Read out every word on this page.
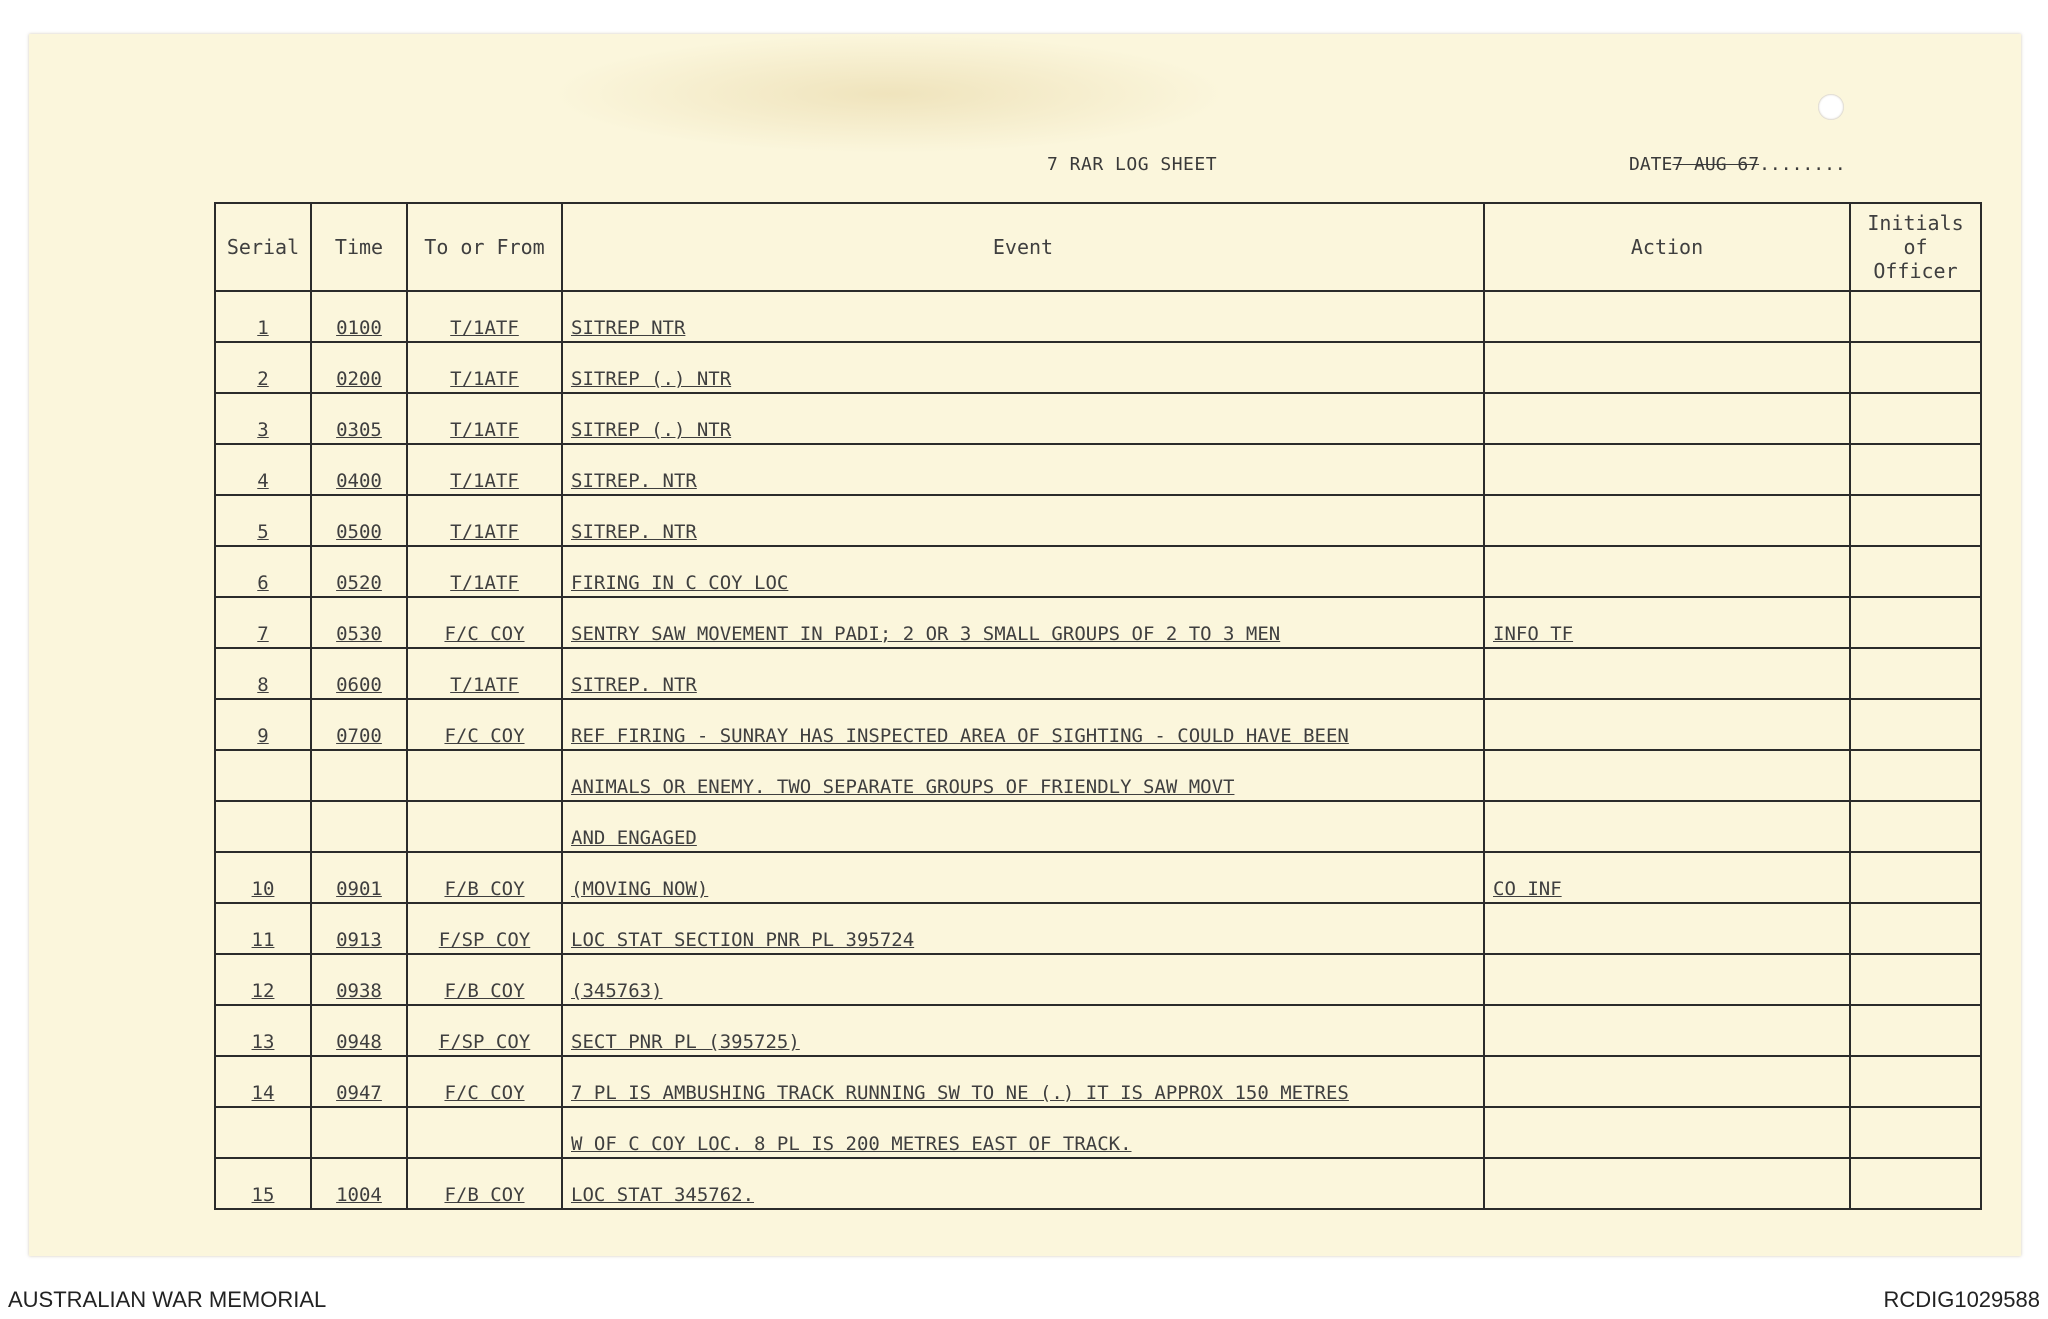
7 RAR LOG SHEET	DATE7 AUG 67........
Serial	Time	To or From	Event	Action	Initials of Officer
1	0100	T/1ATF	SITREP NTR		
2	0200	T/1ATF	SITREP (.) NTR		
3	0305	T/1ATF	SITREP (.) NTR		
4	0400	T/1ATF	SITREP. NTR		
5	0500	T/1ATF	SITREP. NTR		
6	0520	T/1ATF	FIRING IN C COY LOC		
7	0530	F/C COY	SENTRY SAW MOVEMENT IN PADI; 2 OR 3 SMALL GROUPS OF 2 TO 3 MEN	INFO TF	
8	0600	T/1ATF	SITREP. NTR		
9	0700	F/C COY	REF FIRING - SUNRAY HAS INSPECTED AREA OF SIGHTING - COULD HAVE BEEN		
			ANIMALS OR ENEMY. TWO SEPARATE GROUPS OF FRIENDLY SAW MOVT		
			AND ENGAGED		
10	0901	F/B COY	(MOVING NOW)	CO INF	
11	0913	F/SP COY	LOC STAT SECTION PNR PL 395724		
12	0938	F/B COY	(345763)		
13	0948	F/SP COY	SECT PNR PL (395725)		
14	0947	F/C COY	7 PL IS AMBUSHING TRACK RUNNING SW TO NE (.) IT IS APPROX 150 METRES		
			W OF C COY LOC. 8 PL IS 200 METRES EAST OF TRACK.		
15	1004	F/B COY	LOC STAT 345762.		
AUSTRALIAN WAR MEMORIAL	RCDIG1029588
